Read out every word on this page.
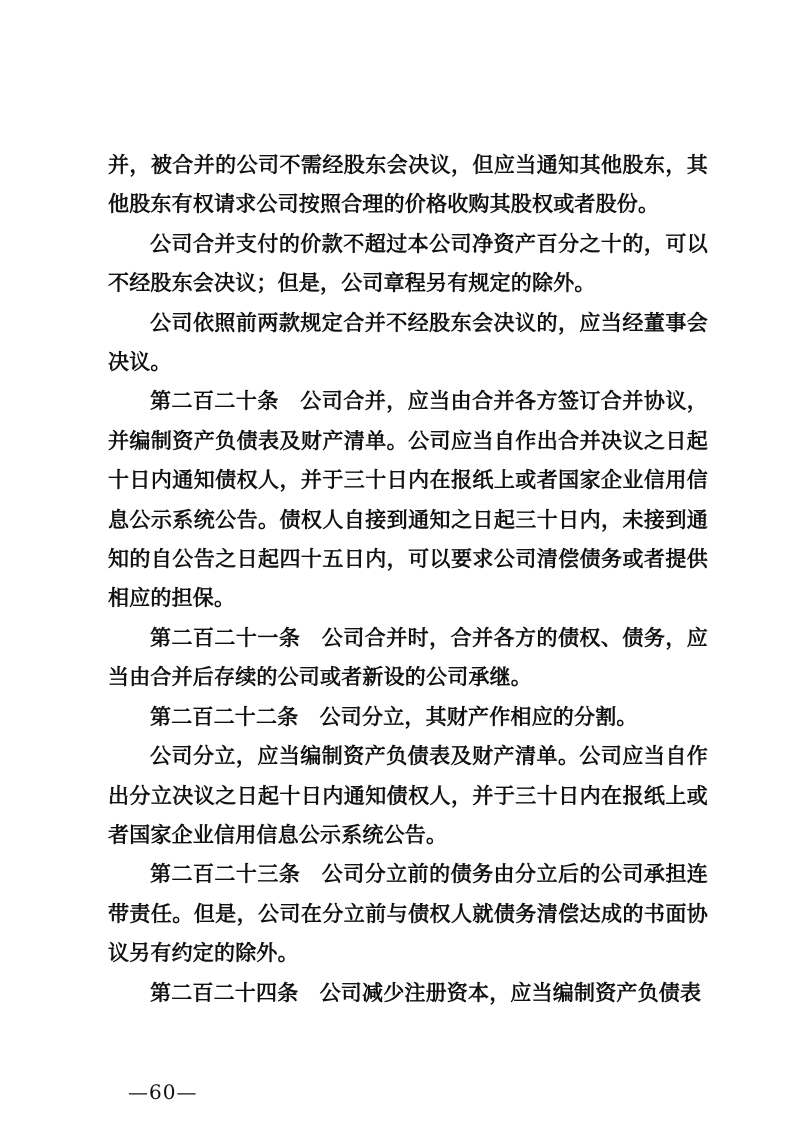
并，被合并的公司不需经股东会决议，但应当通知其他股东，其他股东有权请求公司按照合理的价格收购其股权或者股份。

公司合并支付的价款不超过本公司净资产百分之十的，可以不经股东会决议；但是，公司章程另有规定的除外。

公司依照前两款规定合并不经股东会决议的，应当经董事会决议。

第二百二十条　公司合并，应当由合并各方签订合并协议，并编制资产负债表及财产清单。公司应当自作出合并决议之日起十日内通知债权人，并于三十日内在报纸上或者国家企业信用信息公示系统公告。债权人自接到通知之日起三十日内，未接到通知的自公告之日起四十五日内，可以要求公司清偿债务或者提供相应的担保。

第二百二十一条　公司合并时，合并各方的债权、债务，应当由合并后存续的公司或者新设的公司承继。

第二百二十二条　公司分立，其财产作相应的分割。

公司分立，应当编制资产负债表及财产清单。公司应当自作出分立决议之日起十日内通知债权人，并于三十日内在报纸上或者国家企业信用信息公示系统公告。

第二百二十三条　公司分立前的债务由分立后的公司承担连带责任。但是，公司在分立前与债权人就债务清偿达成的书面协议另有约定的除外。

第二百二十四条　公司减少注册资本，应当编制资产负债表

—60—
